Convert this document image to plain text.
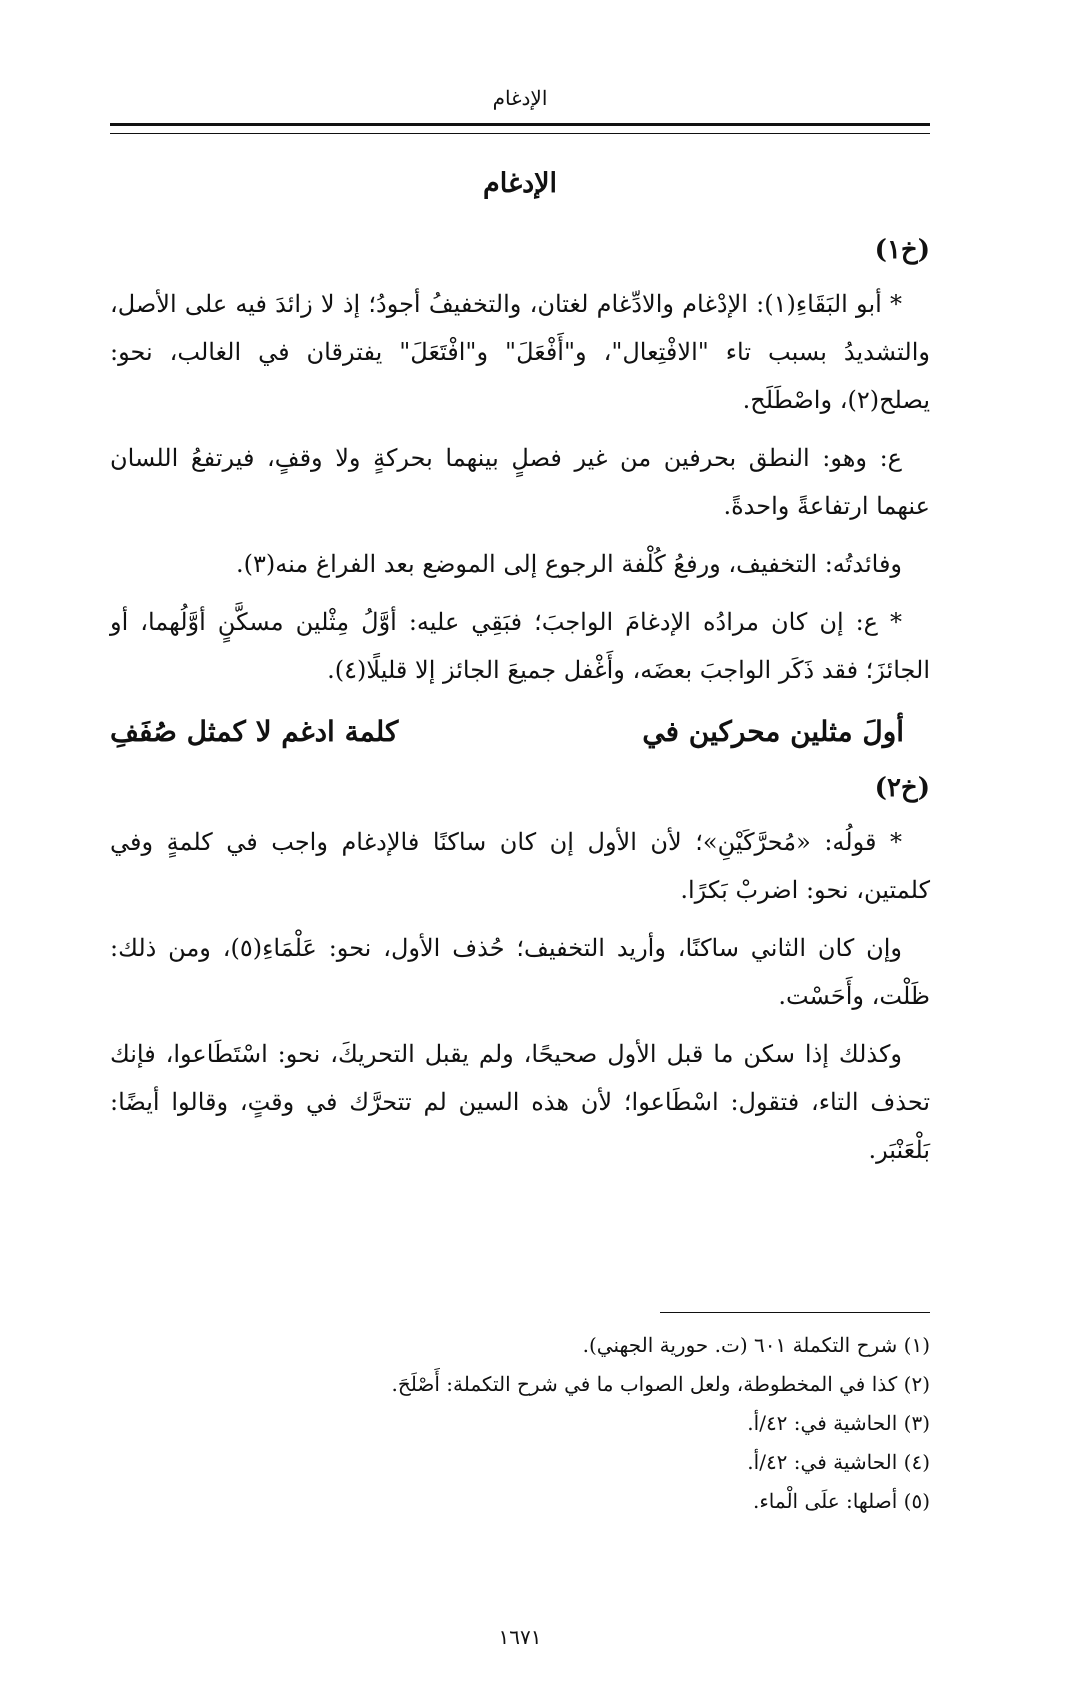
الإدغام
الإدغام
(خ١)

* أبو البَقَاءِ(١): الإدْغام والادِّغام لغتان، والتخفيفُ أجودُ؛ إذ لا زائدَ فيه على الأصل، والتشديدُ بسبب تاء "الافْتِعال"، و"أَفْعَلَ" و"افْتَعَلَ" يفترقان في الغالب، نحو: يصلح(٢)، واصْطَلَح.

ع: وهو: النطق بحرفين من غير فصلٍ بينهما بحركةٍ ولا وقفٍ، فيرتفعُ اللسان عنهما ارتفاعةً واحدةً.

وفائدتُه: التخفيف، ورفعُ كُلْفة الرجوع إلى الموضع بعد الفراغ منه(٣).

* ع: إن كان مرادُه الإدغامَ الواجبَ؛ فبَقِي عليه: أوَّلُ مِثْلين مسكَّنٍ أوَّلُهما، أو الجائزَ؛ فقد ذَكَر الواجبَ بعضَه، وأَغْفل جميعَ الجائز إلا قليلًا(٤).

أولَ مثلين محركين في
كلمة ادغم لا كمثل صُفَفِ
(خ٢)

* قولُه: «مُحرَّكَيْنِ»؛ لأن الأول إن كان ساكنًا فالإدغام واجب في كلمةٍ وفي كلمتين، نحو: اضربْ بَكرًا.

وإن كان الثاني ساكنًا، وأريد التخفيف؛ حُذف الأول، نحو: عَلْمَاءِ(٥)، ومن ذلك: ظَلْت، وأَحَسْت.

وكذلك إذا سكن ما قبل الأول صحيحًا، ولم يقبل التحريكَ، نحو: اسْتَطَاعوا، فإنك تحذف التاء، فتقول: اسْطَاعوا؛ لأن هذه السين لم تتحرَّك في وقتٍ، وقالوا أيضًا: بَلْعَنْبَر.

(١) شرح التكملة ٦٠١ (ت. حورية الجهني).
(٢) كذا في المخطوطة، ولعل الصواب ما في شرح التكملة: أَصْلَحَ.
(٣) الحاشية في: ٤٢/أ.
(٤) الحاشية في: ٤٢/أ.
(٥) أصلها: علَى الْماء.
١٦٧١
